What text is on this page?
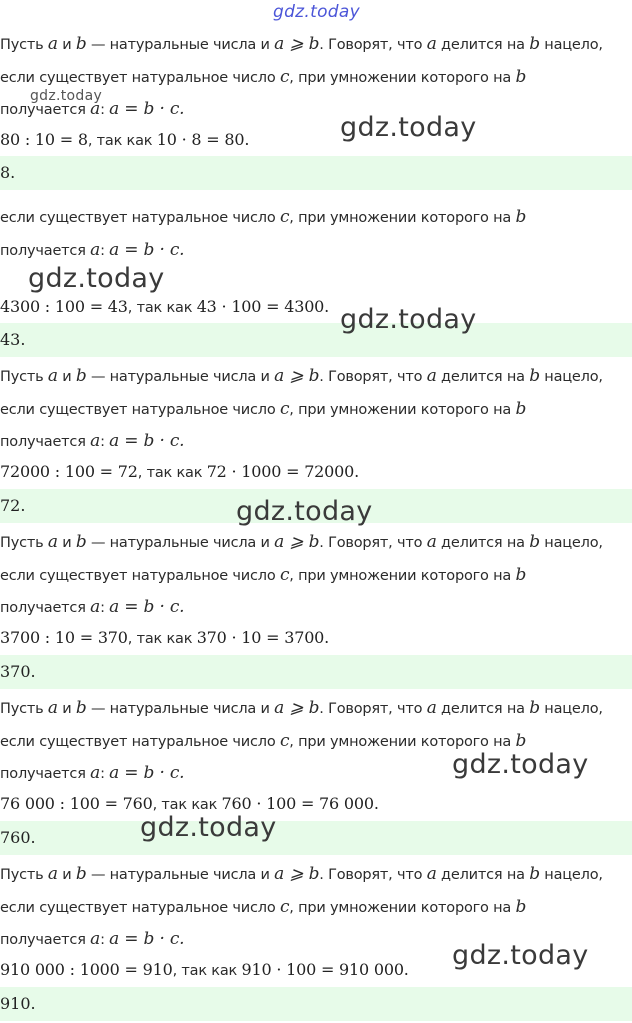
Пусть a и b — натуральные числа и a ⩾ b. Говорят, что a делится на b нацело,
если существует натуральное число c, при умножении которого на b
получается a: a = b · c.
80 : 10 = 8, так как 10 · 8 = 80.
8.
если существует натуральное число c, при умножении которого на b
получается a: a = b · c.
4300 : 100 = 43, так как 43 · 100 = 4300.
43.
Пусть a и b — натуральные числа и a ⩾ b. Говорят, что a делится на b нацело,
если существует натуральное число c, при умножении которого на b
получается a: a = b · c.
72000 : 100 = 72, так как 72 · 1000 = 72000.
72.
Пусть a и b — натуральные числа и a ⩾ b. Говорят, что a делится на b нацело,
если существует натуральное число c, при умножении которого на b
получается a: a = b · c.
3700 : 10 = 370, так как 370 · 10 = 3700.
370.
Пусть a и b — натуральные числа и a ⩾ b. Говорят, что a делится на b нацело,
если существует натуральное число c, при умножении которого на b
получается a: a = b · c.
76 000 : 100 = 760, так как 760 · 100 = 76 000.
760.
Пусть a и b — натуральные числа и a ⩾ b. Говорят, что a делится на b нацело,
если существует натуральное число c, при умножении которого на b
получается a: a = b · c.
910 000 : 1000 = 910, так как 910 · 100 = 910 000.
910.
gdz.today
gdz.today
gdz.today
gdz.today
gdz.today
gdz.today
gdz.today
gdz.today
gdz.today
